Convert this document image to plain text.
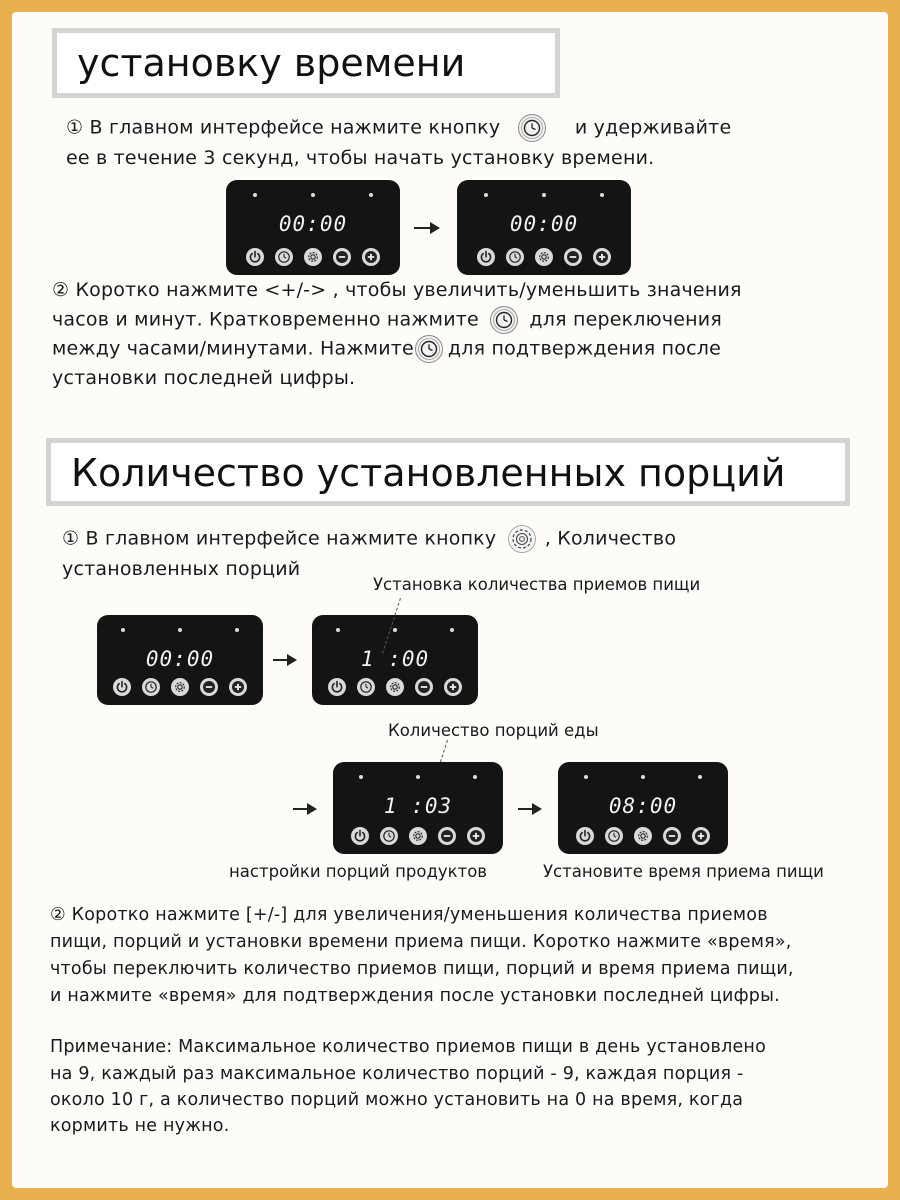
установку времени
① В главном интерфейсе нажмите кнопку	и удерживайте
ее в течение 3 секунд, чтобы начать установку времени.
00:00	00:00
② Коротко нажмите <+/-> , чтобы увеличить/уменьшить значения
часов и минут. Кратковременно нажмите	для переключения
между часами/минутами. Нажмите для подтверждения после
установки последней цифры.
Количество установленных порций
① В главном интерфейсе нажмите кнопку	, Количество
установленных порций
Установка количества приемов пищи
00:00	1 :00
Количество порций еды
1 :03	08:00
настройки порций продуктов	Установите время приема пищи
② Коротко нажмите [+/-] для увеличения/уменьшения количества приемов
пищи, порций и установки времени приема пищи. Коротко нажмите «время»,
чтобы переключить количество приемов пищи, порций и время приема пищи,
и нажмите «время» для подтверждения после установки последней цифры.
Примечание: Максимальное количество приемов пищи в день установлено
на 9, каждый раз максимальное количество порций - 9, каждая порция -
около 10 г, а количество порций можно установить на 0 на время, когда
кормить не нужно.
